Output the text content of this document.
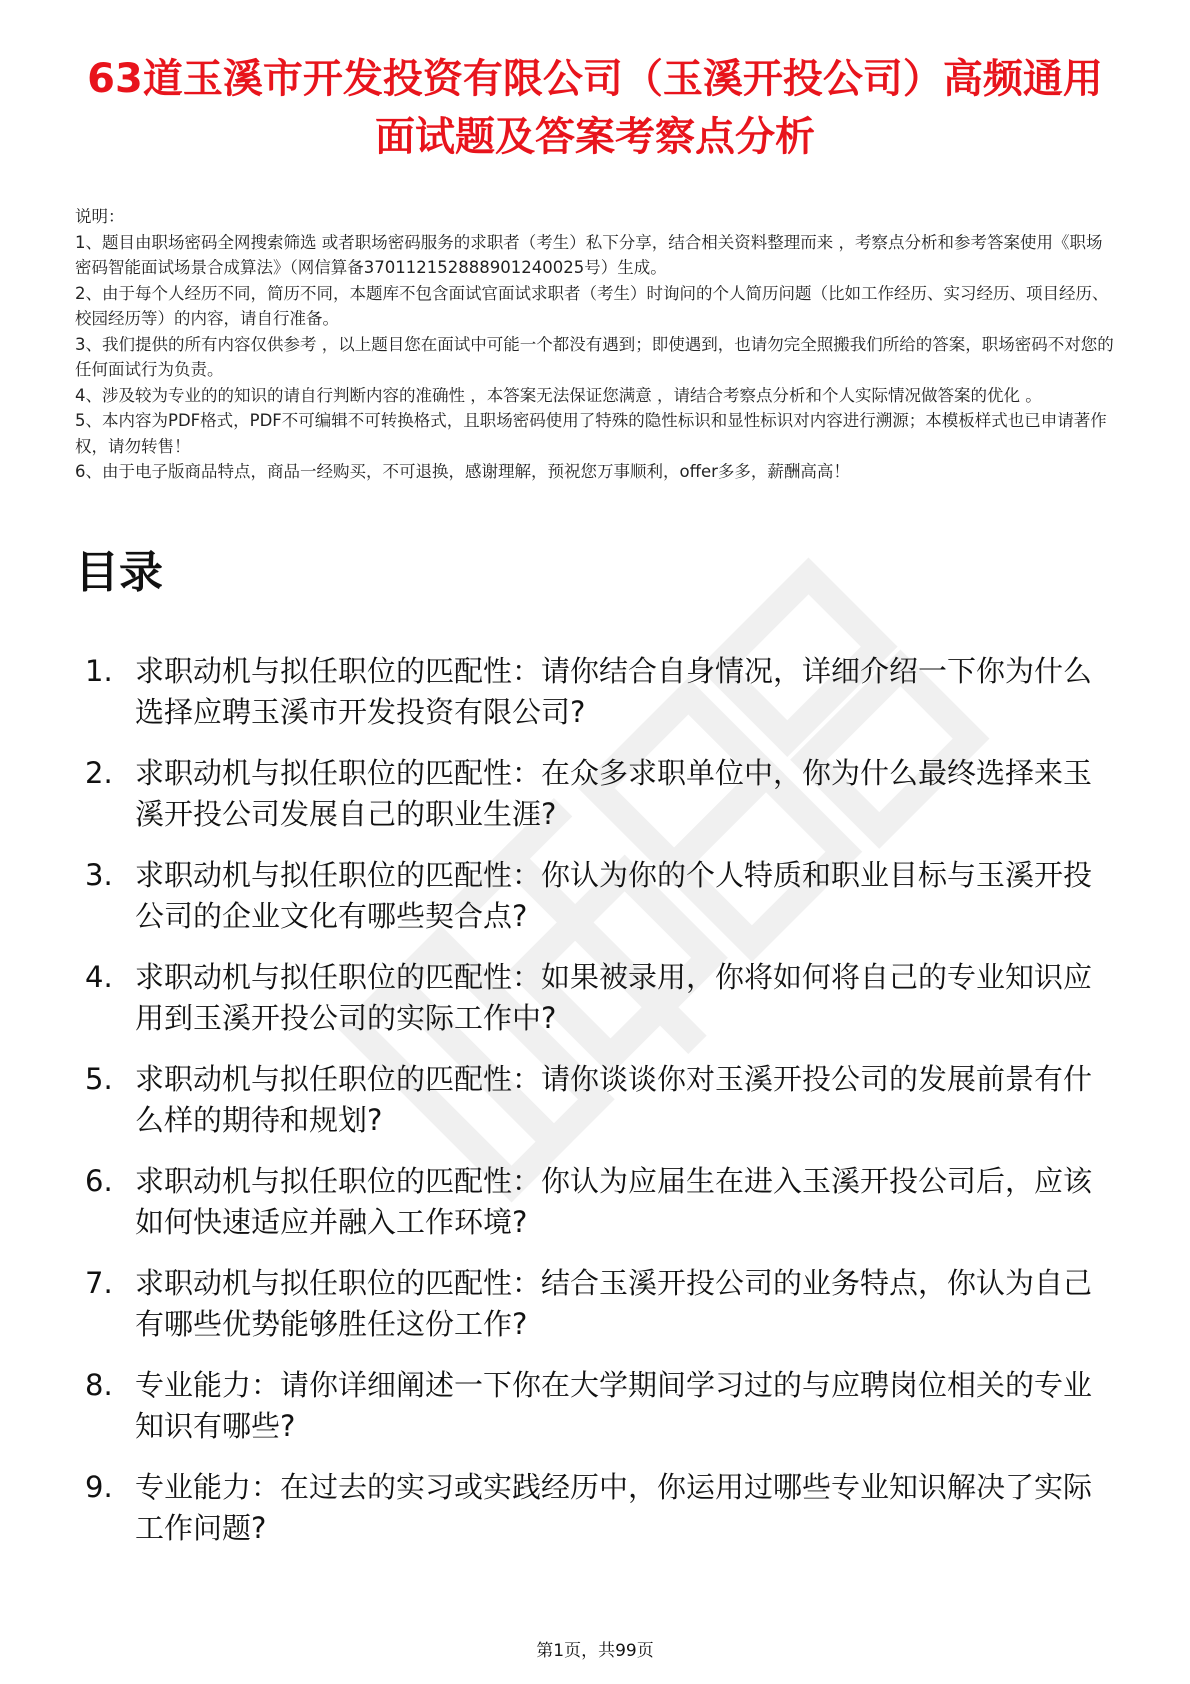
63道玉溪市开发投资有限公司（玉溪开投公司）高频通用面试题及答案考察点分析

说明：

1、题目由职场密码全网搜索筛选 或者职场密码服务的求职者（考生）私下分享，结合相关资料整理而来 ，考察点分析和参考答案使用《职场密码智能面试场景合成算法》（网信算备370112152888901240025号）生成。

2、由于每个人经历不同，简历不同，本题库不包含面试官面试求职者（考生）时询问的个人简历问题（比如工作经历、实习经历、项目经历、校园经历等）的内容，请自行准备。

3、我们提供的所有内容仅供参考 ，以上题目您在面试中可能一个都没有遇到；即使遇到，也请勿完全照搬我们所给的答案，职场密码不对您的任何面试行为负责。

4、涉及较为专业的的知识的请自行判断内容的准确性 ，本答案无法保证您满意 ，请结合考察点分析和个人实际情况做答案的优化 。

5、本内容为PDF格式，PDF不可编辑不可转换格式，且职场密码使用了特殊的隐性标识和显性标识对内容进行溯源；本模板样式也已申请著作权，请勿转售！

6、由于电子版商品特点，商品一经购买，不可退换，感谢理解，预祝您万事顺利，offer多多，薪酬高高！

目录
1. 求职动机与拟任职位的匹配性：请你结合自身情况，详细介绍一下你为什么选择应聘玉溪市开发投资有限公司?
2. 求职动机与拟任职位的匹配性：在众多求职单位中，你为什么最终选择来玉溪开投公司发展自己的职业生涯?
3. 求职动机与拟任职位的匹配性：你认为你的个人特质和职业目标与玉溪开投公司的企业文化有哪些契合点?
4. 求职动机与拟任职位的匹配性：如果被录用，你将如何将自己的专业知识应用到玉溪开投公司的实际工作中?
5. 求职动机与拟任职位的匹配性：请你谈谈你对玉溪开投公司的发展前景有什么样的期待和规划?
6. 求职动机与拟任职位的匹配性：你认为应届生在进入玉溪开投公司后，应该如何快速适应并融入工作环境?
7. 求职动机与拟任职位的匹配性：结合玉溪开投公司的业务特点，你认为自己有哪些优势能够胜任这份工作?
8. 专业能力：请你详细阐述一下你在大学期间学习过的与应聘岗位相关的专业知识有哪些?
9. 专业能力：在过去的实习或实践经历中，你运用过哪些专业知识解决了实际工作问题?
第1页，共99页
